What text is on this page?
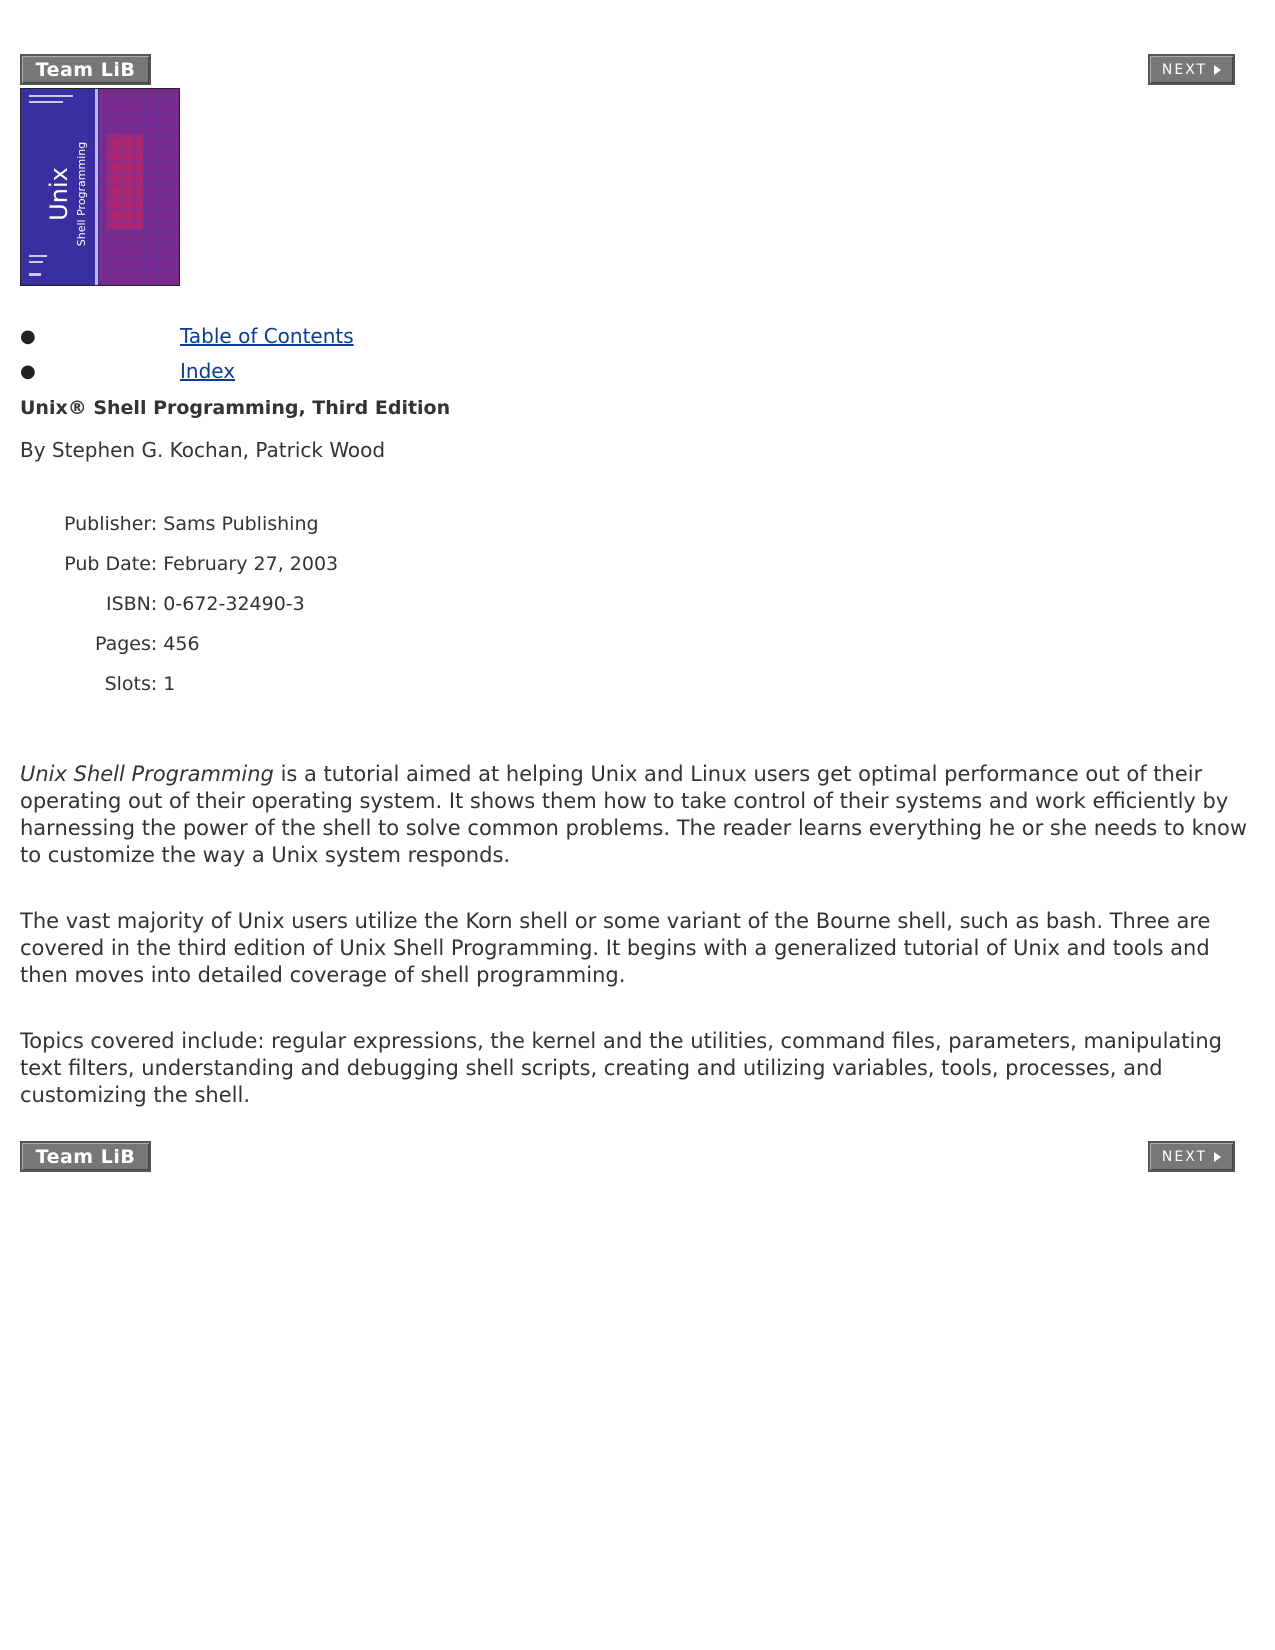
Team LiB	NEXT
Unix Shell Programming
●	Table of Contents
●	Index

Unix® Shell Programming, Third Edition

By Stephen G. Kochan, Patrick Wood

Publisher:	Sams Publishing
Pub Date:	February 27, 2003
ISBN:	0-672-32490-3
Pages:	456
Slots:	1

Unix Shell Programming is a tutorial aimed at helping Unix and Linux users get optimal performance out of their operating out of their operating system. It shows them how to take control of their systems and work efficiently by harnessing the power of the shell to solve common problems. The reader learns everything he or she needs to know to customize the way a Unix system responds.

The vast majority of Unix users utilize the Korn shell or some variant of the Bourne shell, such as bash. Three are covered in the third edition of Unix Shell Programming. It begins with a generalized tutorial of Unix and tools and then moves into detailed coverage of shell programming.

Topics covered include: regular expressions, the kernel and the utilities, command files, parameters, manipulating text filters, understanding and debugging shell scripts, creating and utilizing variables, tools, processes, and customizing the shell.

Team LiB	NEXT
